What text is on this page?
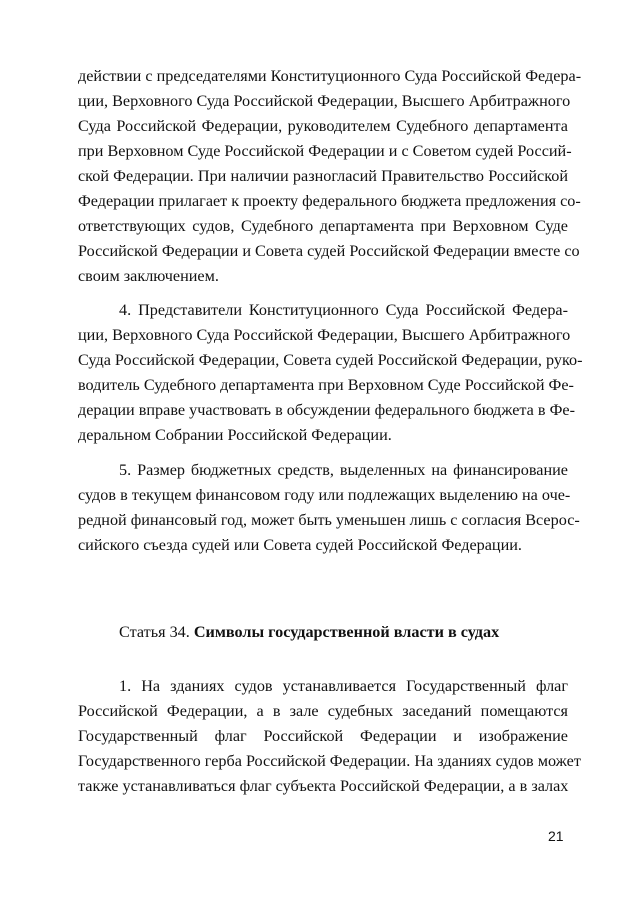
действии с председателями Конституционного Суда Российской Федера-
ции, Верховного Суда Российской Федерации, Высшего Арбитражного
Суда Российской Федерации, руководителем Судебного департамента
при Верховном Суде Российской Федерации и с Советом судей Россий-
ской Федерации. При наличии разногласий Правительство Российской
Федерации прилагает к проекту федерального бюджета предложения со-
ответствующих судов, Судебного департамента при Верховном Суде
Российской Федерации и Совета судей Российской Федерации вместе со
своим заключением.
4. Представители Конституционного Суда Российской Федера-
ции, Верховного Суда Российской Федерации, Высшего Арбитражного
Суда Российской Федерации, Совета судей Российской Федерации, руко-
водитель Судебного департамента при Верховном Суде Российской Фе-
дерации вправе участвовать в обсуждении федерального бюджета в Фе-
деральном Собрании Российской Федерации.
5. Размер бюджетных средств, выделенных на финансирование
судов в текущем финансовом году или подлежащих выделению на оче-
редной финансовый год, может быть уменьшен лишь с согласия Всерос-
сийского съезда судей или Совета судей Российской Федерации.
Статья 34. Символы государственной власти в судах
1. На зданиях судов устанавливается Государственный флаг
Российской Федерации, а в зале судебных заседаний помещаются
Государственный флаг Российской Федерации и изображение
Государственного герба Российской Федерации. На зданиях судов может
также устанавливаться флаг субъекта Российской Федерации, а в залах
21
